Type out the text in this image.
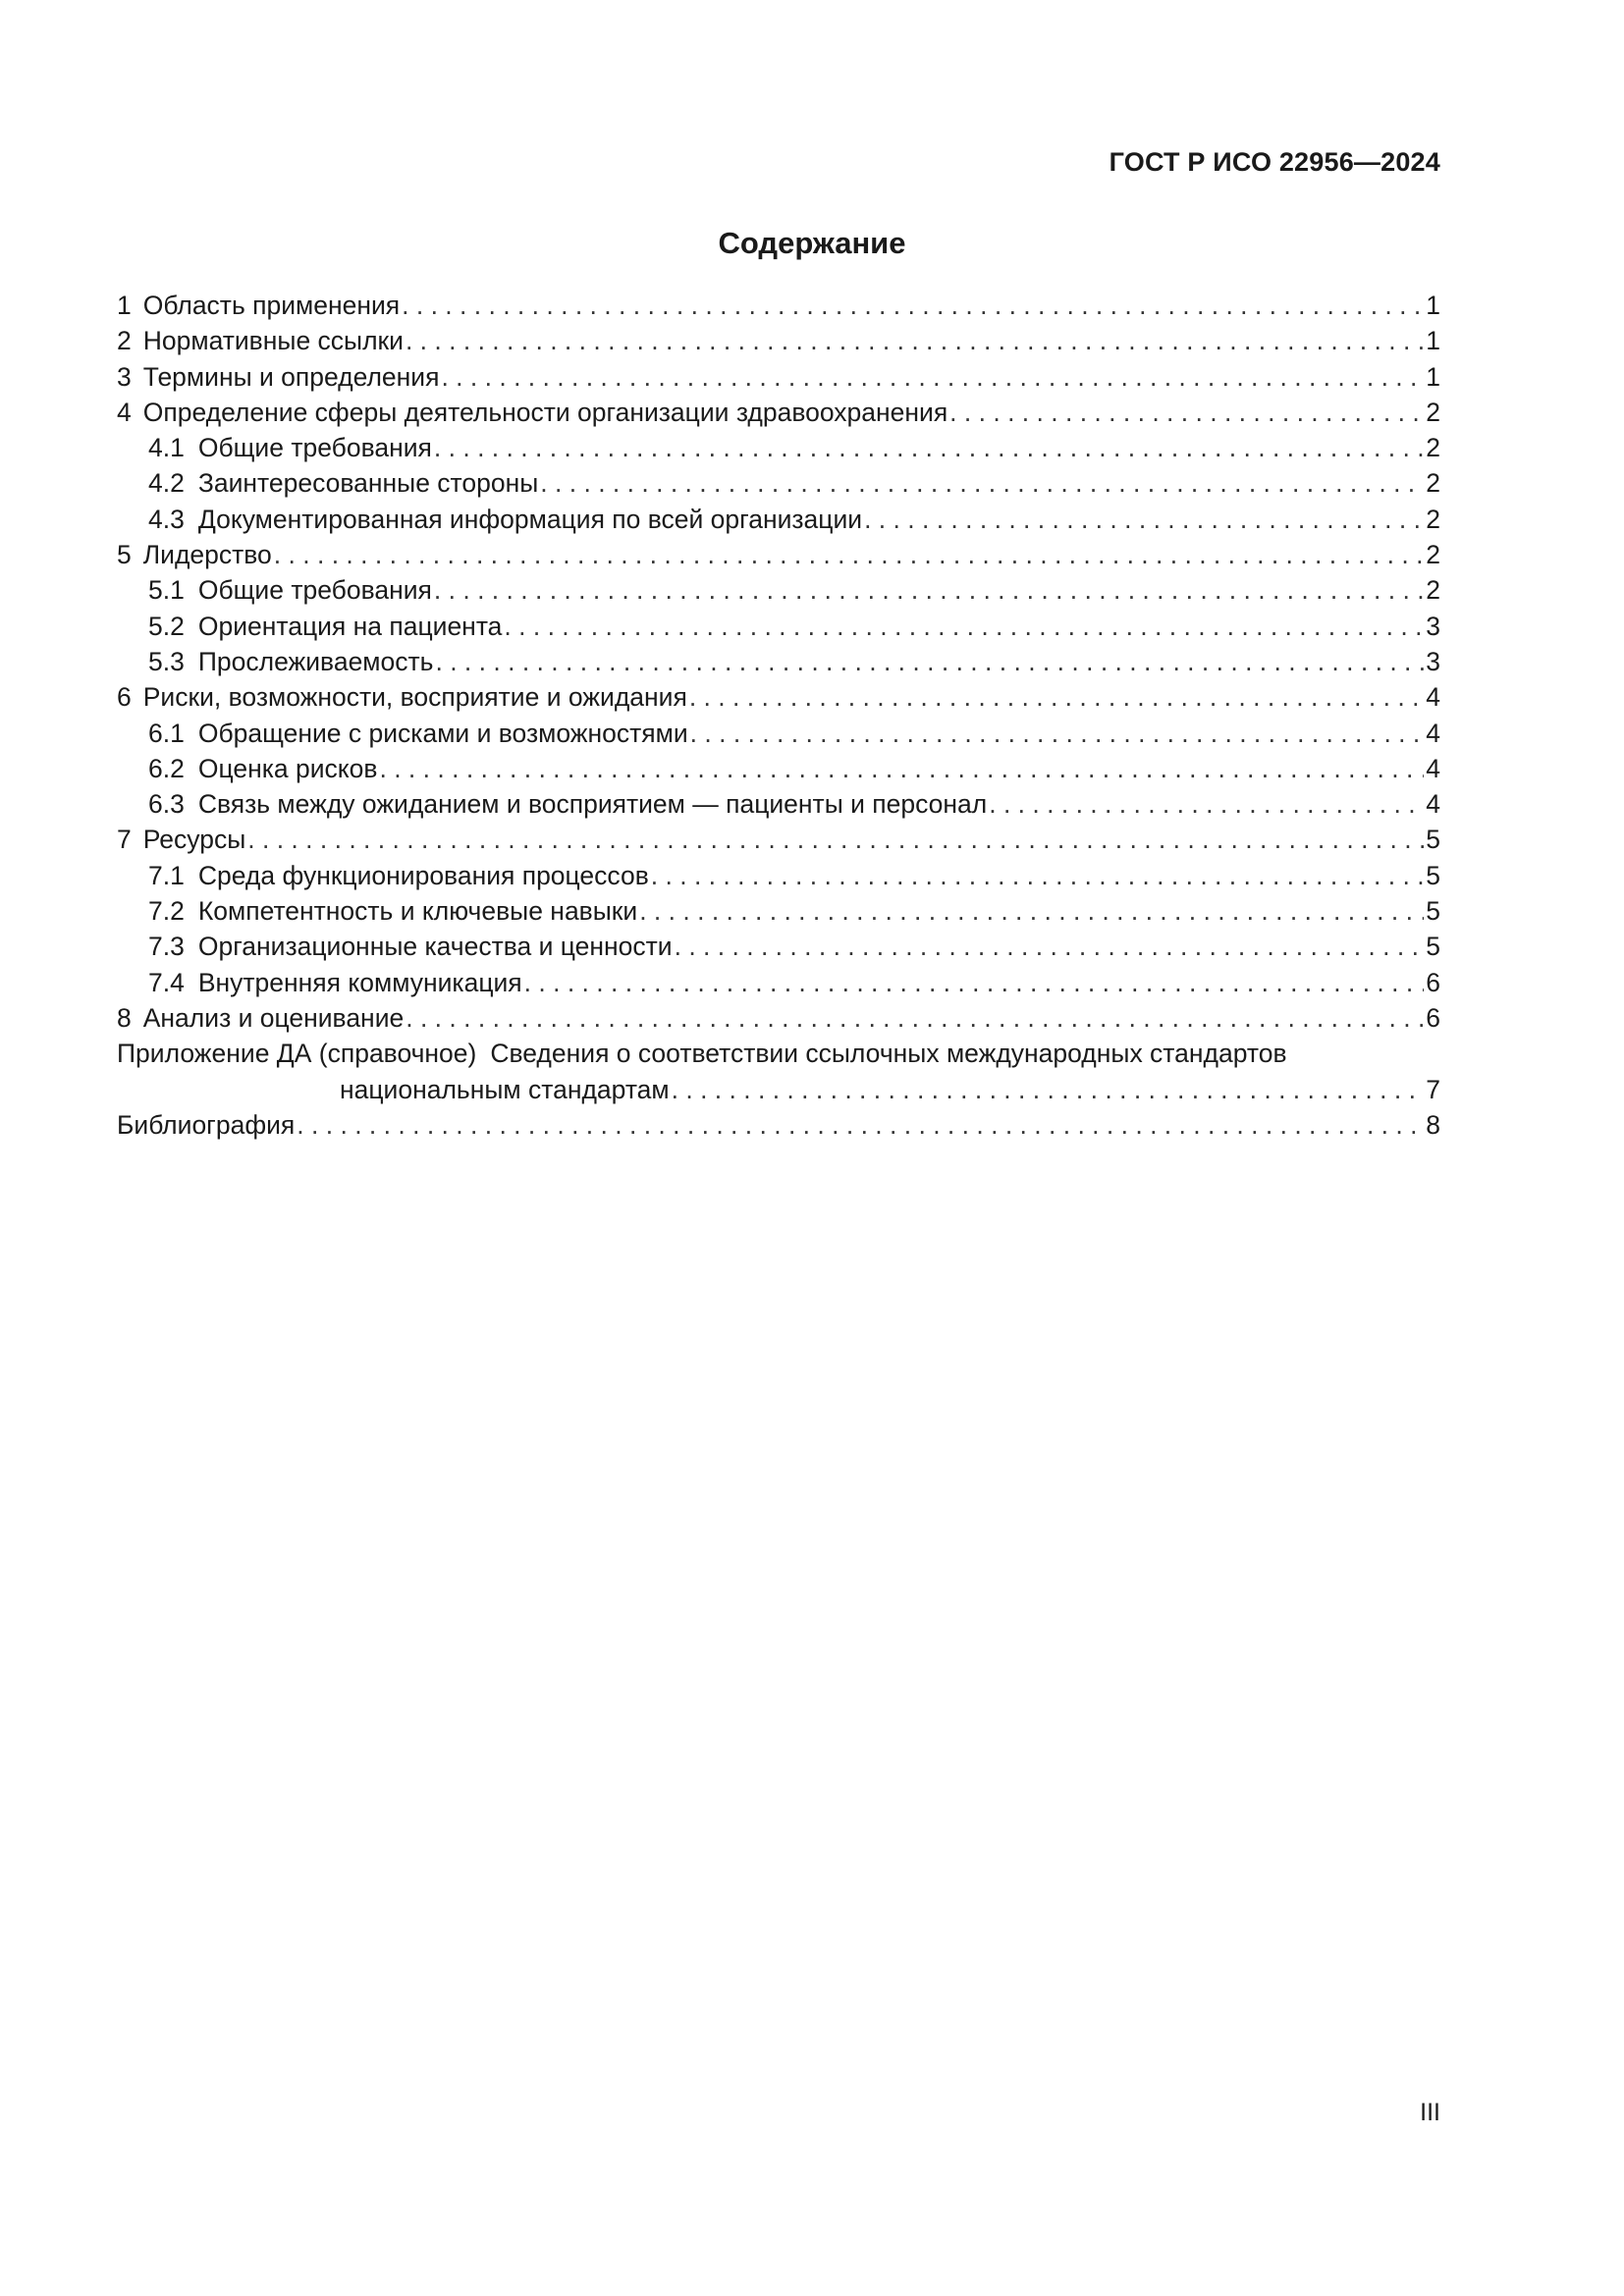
ГОСТ Р ИСО 22956—2024
Содержание
1 Область применения . . .	1
2 Нормативные ссылки . . .	1
3 Термины и определения . . .	1
4 Определение сферы деятельности организации здравоохранения . . .	2
4.1 Общие требования . . .	2
4.2 Заинтересованные стороны . . .	2
4.3 Документированная информация по всей организации . . .	2
5 Лидерство . . .	2
5.1 Общие требования . . .	2
5.2 Ориентация на пациента . . .	3
5.3 Прослеживаемость . . .	3
6 Риски, возможности, восприятие и ожидания . . .	4
6.1 Обращение с рисками и возможностями . . .	4
6.2 Оценка рисков . . .	4
6.3 Связь между ожиданием и восприятием — пациенты и персонал . . .	4
7 Ресурсы . . .	5
7.1 Среда функционирования процессов . . .	5
7.2 Компетентность и ключевые навыки . . .	5
7.3 Организационные качества и ценности . . .	5
7.4 Внутренняя коммуникация . . .	6
8 Анализ и оценивание . . .	6
Приложение ДА (справочное) Сведения о соответствии ссылочных международных стандартов
национальным стандартам . . .	7
Библиография . . .	8
III
